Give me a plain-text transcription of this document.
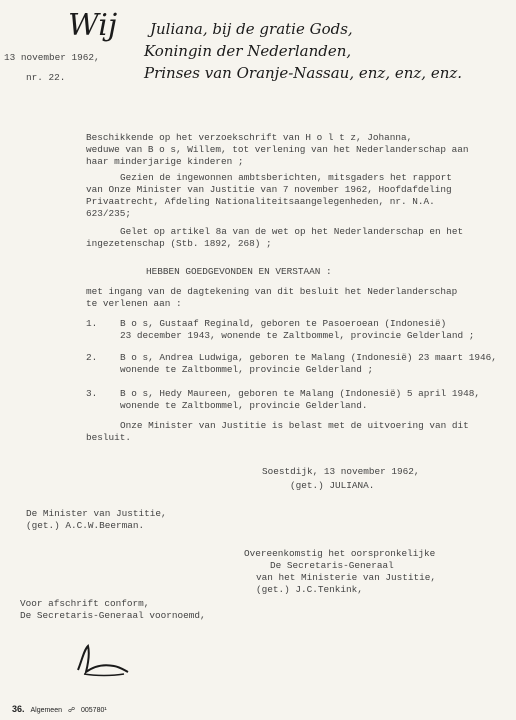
13 november 1962,
nr. 22.
Wij Juliana, bij de gratie Gods,
Koningin der Nederlanden,
Prinses van Oranje-Nassau, enz, enz, enz.
Beschikkende op het verzoekschrift van H o l t z, Johanna,
weduwe van B o s, Willem, tot verlening van het Nederlanderschap aan
haar minderjarige kinderen ;
Gezien de ingewonnen ambtsberichten, mitsgaders het rapport
van Onze Minister van Justitie van 7 november 1962, Hoofdafdeling
Privaatrecht, Afdeling Nationaliteitsaangelegenheden, nr. N.A.
623/235;
Gelet op artikel 8a van de wet op het Nederlanderschap en het
ingezetenschap (Stb. 1892, 268) ;
HEBBEN GOEDGEVONDEN EN VERSTAAN :
met ingang van de dagtekening van dit besluit het Nederlanderschap
te verlenen aan :
1. B o s, Gustaaf Reginald, geboren te Pasoeroean (Indonesië)
23 december 1943, wonende te Zaltbommel, provincie Gelderland ;
2. B o s, Andrea Ludwiga, geboren te Malang (Indonesië) 23 maart 1946,
wonende te Zaltbommel, provincie Gelderland ;
3. B o s, Hedy Maureen, geboren te Malang (Indonesië) 5 april 1948,
wonende te Zaltbommel, provincie Gelderland.
Onze Minister van Justitie is belast met de uitvoering van dit
besluit.
Soestdijk, 13 november 1962,
(get.) JULIANA.
De Minister van Justitie,
(get.) A.C.W.Beerman.
Overeenkomstig het oorspronkelijke
De Secretaris-Generaal
van het Ministerie van Justitie,
(get.) J.C.Tenkink,
Voor afschrift conform,
De Secretaris-Generaal voornoemd,
36. Algemeen ☍ 005780¹
